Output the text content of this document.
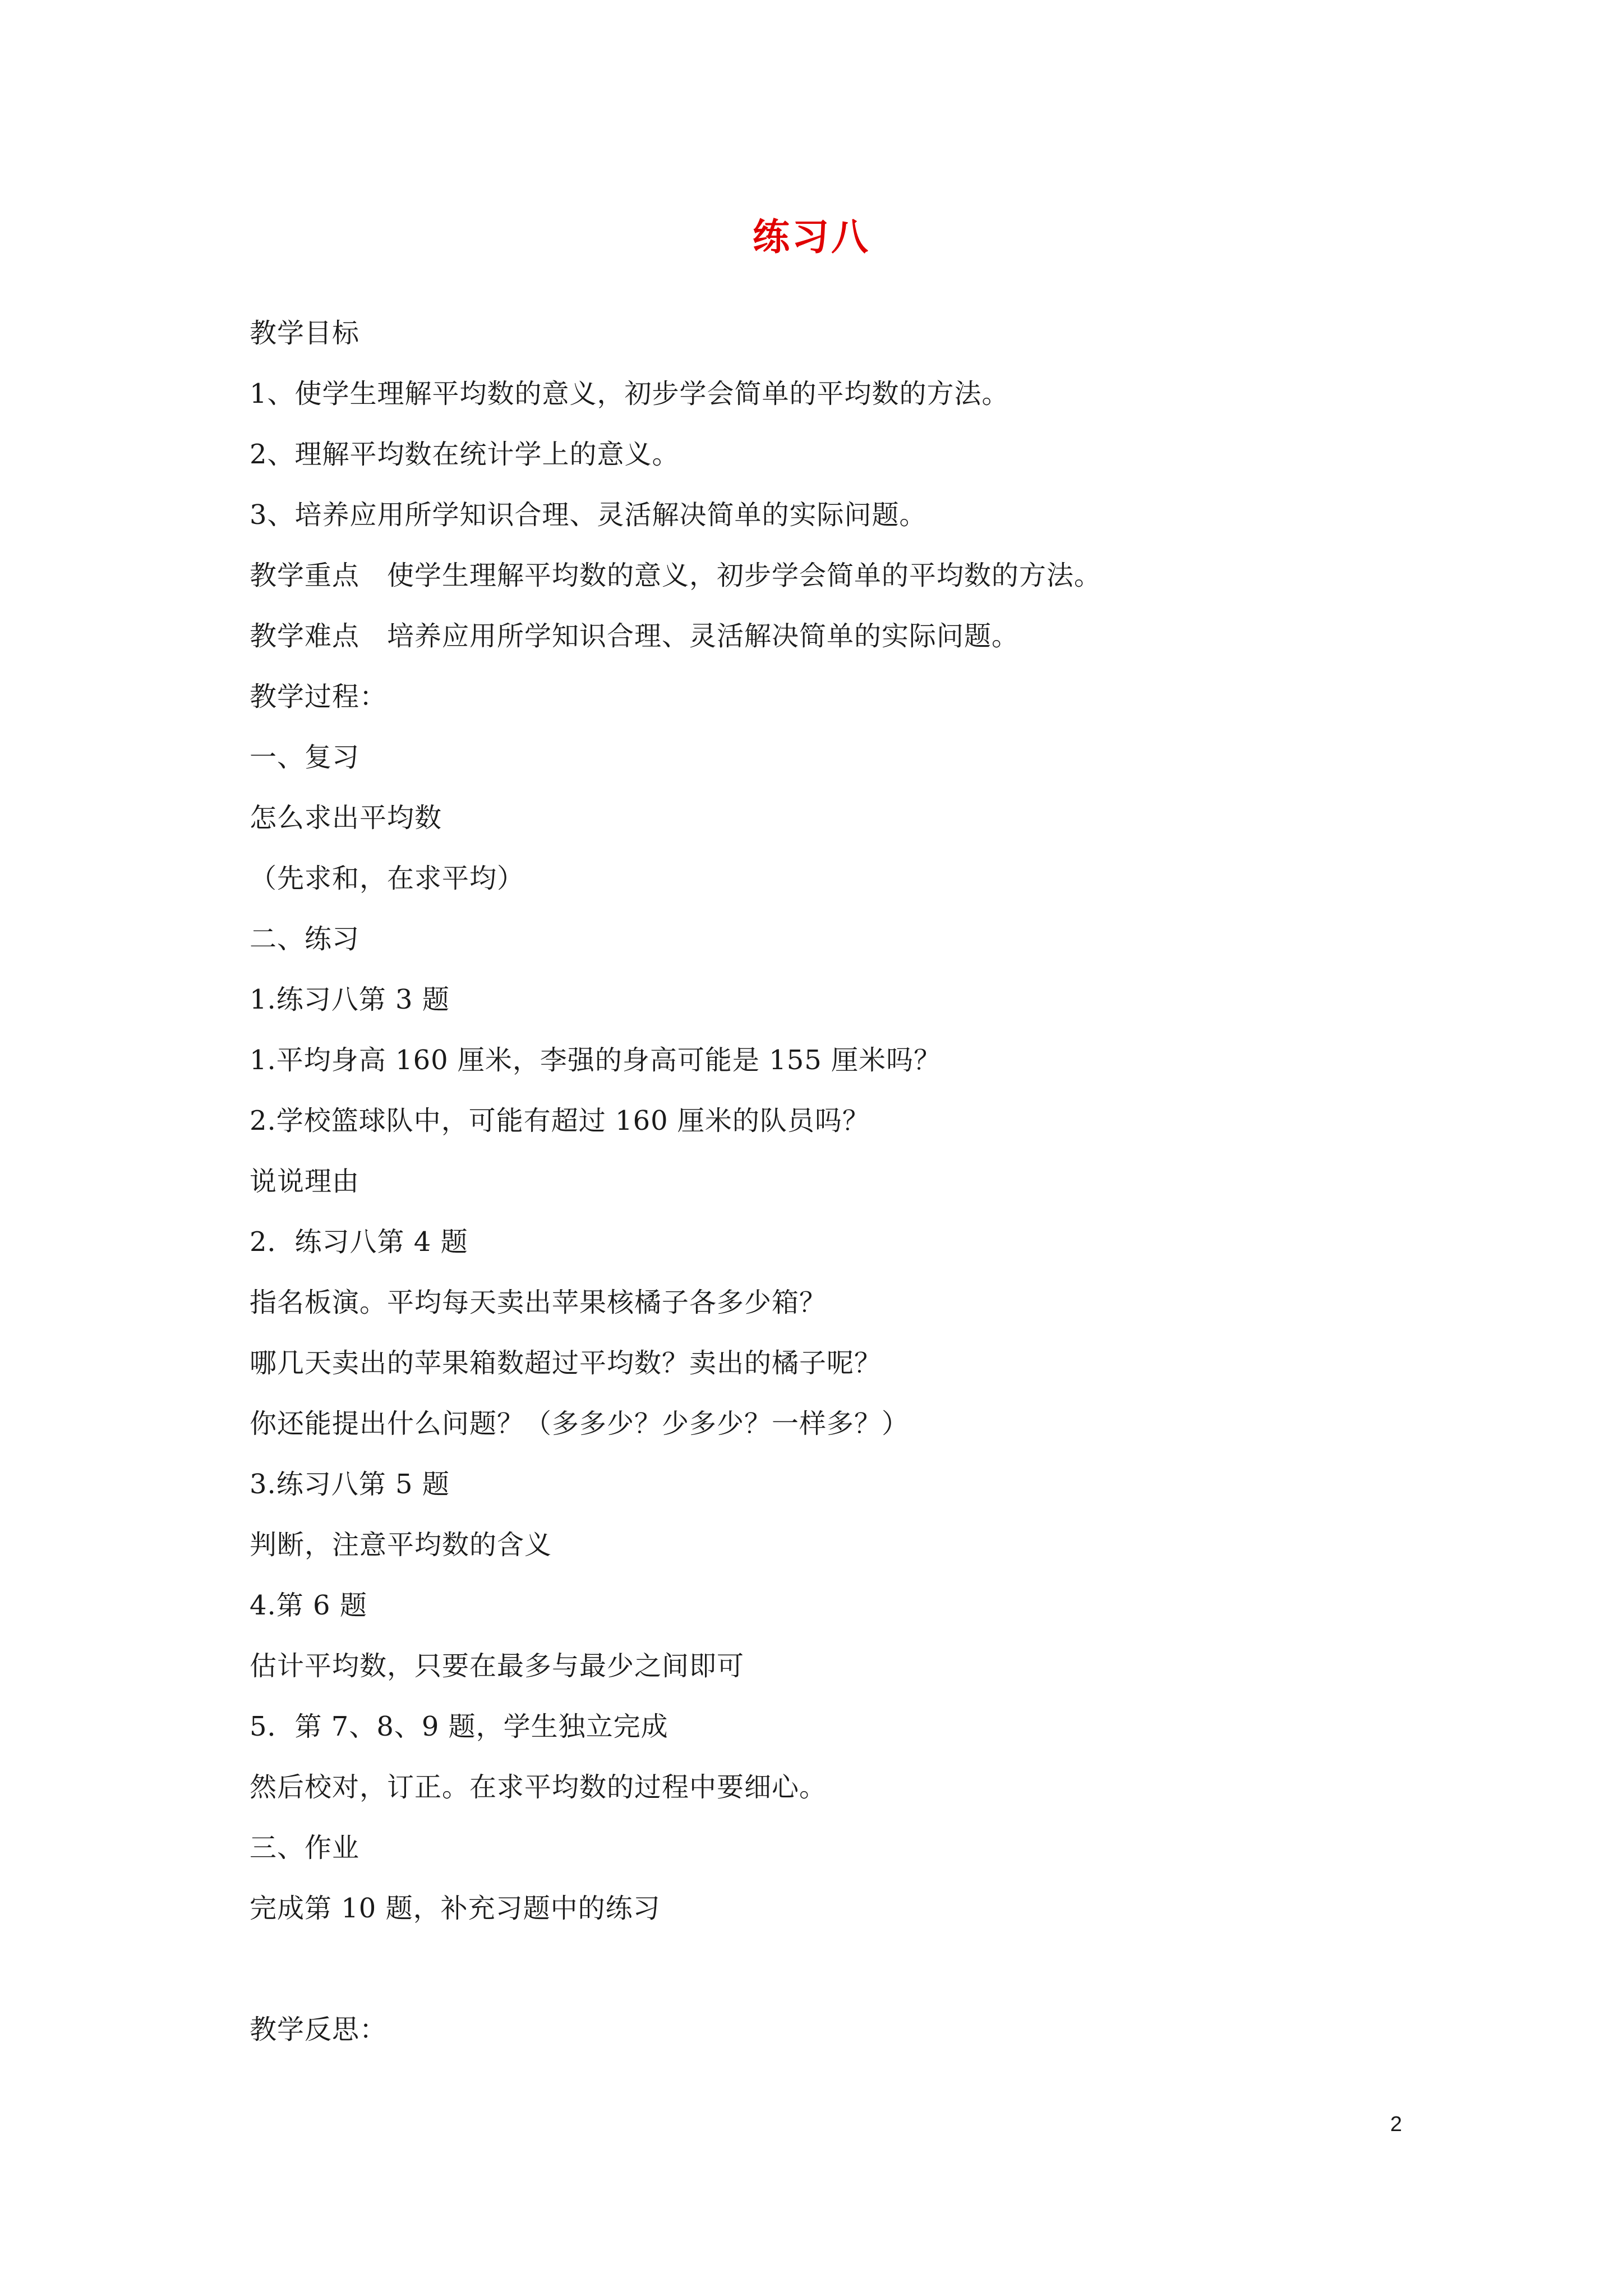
练习八
教学目标
1、使学生理解平均数的意义，初步学会简单的平均数的方法。
2、理解平均数在统计学上的意义。
3、培养应用所学知识合理、灵活解决简单的实际问题。
教学重点　使学生理解平均数的意义，初步学会简单的平均数的方法。
教学难点　培养应用所学知识合理、灵活解决简单的实际问题。
教学过程：
一、复习
怎么求出平均数
（先求和，在求平均）
二、练习
1.练习八第 3 题
1.平均身高 160 厘米，李强的身高可能是 155 厘米吗？
2.学校篮球队中，可能有超过 160 厘米的队员吗？
说说理由
2．练习八第 4 题
指名板演。平均每天卖出苹果核橘子各多少箱？
哪几天卖出的苹果箱数超过平均数？卖出的橘子呢？
你还能提出什么问题？（多多少？少多少？一样多？）
3.练习八第 5 题
判断，注意平均数的含义
4.第 6 题
估计平均数，只要在最多与最少之间即可
5．第 7、8、9 题，学生独立完成
然后校对，订正。在求平均数的过程中要细心。
三、作业
完成第 10 题，补充习题中的练习
教学反思：
2
